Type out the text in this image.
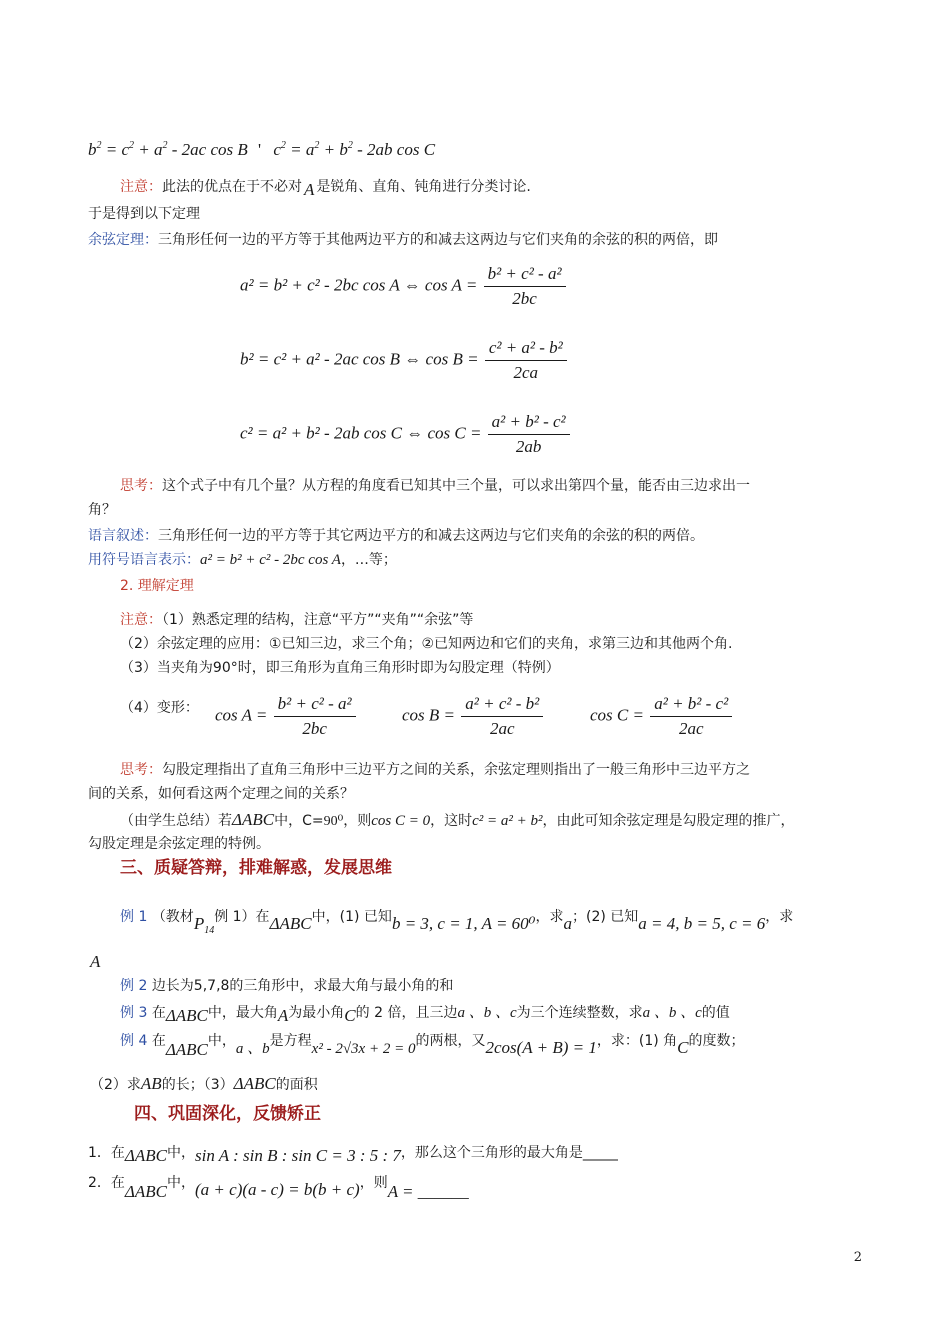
$b^2 = c^2 + a^2 - 2ac$ cos B ' $c^2 = a^2 + b^2 - 2ab$ cos C
注意：此法的优点在于不必对 A 是锐角、直角、钝角进行分类讨论.
于是得到以下定理
余弦定理：三角形任何一边的平方等于其他两边平方的和减去这两边与它们夹角的余弦的积的两倍，即
a² = b² + c² - 2bc cos A ⇔ $\cos A = \frac{\text{b² + c² - a²}}{2bc}$
b² = c² + a² - 2ac cos B ⇔ $\cos B = \frac{\text{c² + a² - b²}}{2ca}$
c² = a² + b² - 2ab cos C ⇔ $\cos C = \frac{\text{a² + b² - c²}}{2ab}$
思考：这个式子中有几个量？从方程的角度看已知其中三个量，可以求出第四个量，能否由三边求出一
角？
语言叙述：三角形任何一边的平方等于其它两边平方的和减去这两边与它们夹角的余弦的积的两倍。
用符号语言表示：a² = b² + c² - 2bc cos A，…等；
2. 理解定理
注意：（1）熟悉定理的结构，注意“平方”“夹角”“余弦”等
（2）余弦定理的应用：①已知三边，求三个角；②已知两边和它们的夹角，求第三边和其他两个角.
（3）当夹角为90°时，即三角形为直角三角形时即为勾股定理（特例）
（4）变形： $\cos A = \frac{\text{b² + c² - a²}}{2bc}$	$\cos B = \frac{\text{a² + c² - b²}}{2ac}$	$\cos C = \frac{\text{a² + b² - c²}}{2ac}$
思考：勾股定理指出了直角三角形中三边平方之间的关系，余弦定理则指出了一般三角形中三边平方之
间的关系，如何看这两个定理之间的关系？
（由学生总结）若ΔABC中，C=90⁰，则cos C = 0，这时c² = a² + b²，由此可知余弦定理是勾股定理的推广，
勾股定理是余弦定理的特例。
三、质疑答辩，排难解惑，发展思维
例 1 （教材$P_{14}$例 1）在ΔABC中，(1) 已知b = 3, c = 1, A = 60⁰，求a；(2) 已知a = 4, b = 5, c = 6，求
A
例 2 边长为5,7,8的三角形中，求最大角与最小角的和
例 3 在ΔABC中，最大角A为最小角C的 2 倍，且三边a 、b 、c为三个连续整数，求a 、b 、c的值
例 4 在ΔABC中，a 、b是方程x² - 2√3x + 2 = 0的两根，又2cos(A + B) = 1，求：(1) 角C的度数；
（2）求AB的长；（3）ΔABC的面积
四、巩固深化，反馈矫正
1．在ΔABC中，sin A : sin B : sin C = 3 : 5 : 7，那么这个三角形的最大角是_____
2．在ΔABC中，(a + c)(a - c) = b(b + c)，则A = ______
2
